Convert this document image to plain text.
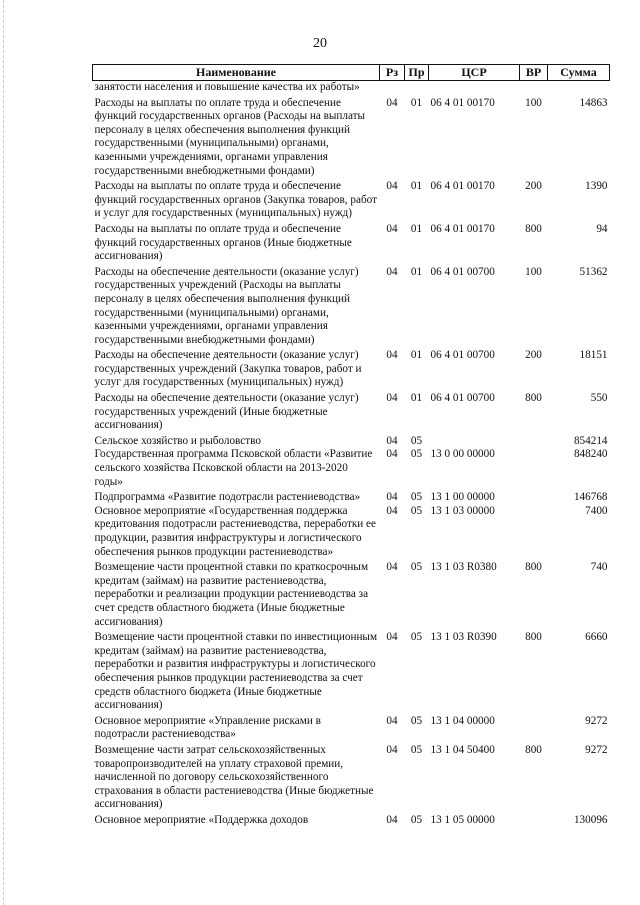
20
Наименование	Рз	Пр	ЦСР	ВР	Сумма
занятости населения и повышение качества их работы»					
Расходы на выплаты по оплате труда и обеспечение функций государственных органов (Расходы на выплаты персоналу в целях обеспечения выполнения функций государственными (муниципальными) органами, казенными учреждениями, органами управления государственными внебюджетными фондами)	04	01	06 4 01 00170	100	14863
Расходы на выплаты по оплате труда и обеспечение функций государственных органов (Закупка товаров, работ и услуг для государственных (муниципальных) нужд)	04	01	06 4 01 00170	200	1390
Расходы на выплаты по оплате труда и обеспечение функций государственных органов (Иные бюджетные ассигнования)	04	01	06 4 01 00170	800	94
Расходы на обеспечение деятельности (оказание услуг) государственных учреждений (Расходы на выплаты персоналу в целях обеспечения выполнения функций государственными (муниципальными) органами, казенными учреждениями, органами управления государственными внебюджетными фондами)	04	01	06 4 01 00700	100	51362
Расходы на обеспечение деятельности (оказание услуг) государственных учреждений (Закупка товаров, работ и услуг для государственных (муниципальных) нужд)	04	01	06 4 01 00700	200	18151
Расходы на обеспечение деятельности (оказание услуг) государственных учреждений (Иные бюджетные ассигнования)	04	01	06 4 01 00700	800	550
Сельское хозяйство и рыболовство	04	05			854214
Государственная программа Псковской области «Развитие сельского хозяйства Псковской области на 2013-2020 годы»	04	05	13 0 00 00000		848240
Подпрограмма «Развитие подотрасли растениеводства»	04	05	13 1 00 00000		146768
Основное мероприятие «Государственная поддержка кредитования подотрасли растениеводства, переработки ее продукции, развития инфраструктуры и логистического обеспечения рынков продукции растениеводства»	04	05	13 1 03 00000		7400
Возмещение части процентной ставки по краткосрочным кредитам (займам) на развитие растениеводства, переработки и реализации продукции растениеводства за счет средств областного бюджета (Иные бюджетные ассигнования)	04	05	13 1 03 R0380	800	740
Возмещение части процентной ставки по инвестиционным кредитам (займам) на развитие растениеводства, переработки и развития инфраструктуры и логистического обеспечения рынков продукции растениеводства за счет средств областного бюджета (Иные бюджетные ассигнования)	04	05	13 1 03 R0390	800	6660
Основное мероприятие «Управление рисками в подотрасли растениеводства»	04	05	13 1 04 00000		9272
Возмещение части затрат сельскохозяйственных товаропроизводителей на уплату страховой премии, начисленной по договору сельскохозяйственного страхования в области растениеводства (Иные бюджетные ассигнования)	04	05	13 1 04 50400	800	9272
Основное мероприятие «Поддержка доходов	04	05	13 1 05 00000		130096
